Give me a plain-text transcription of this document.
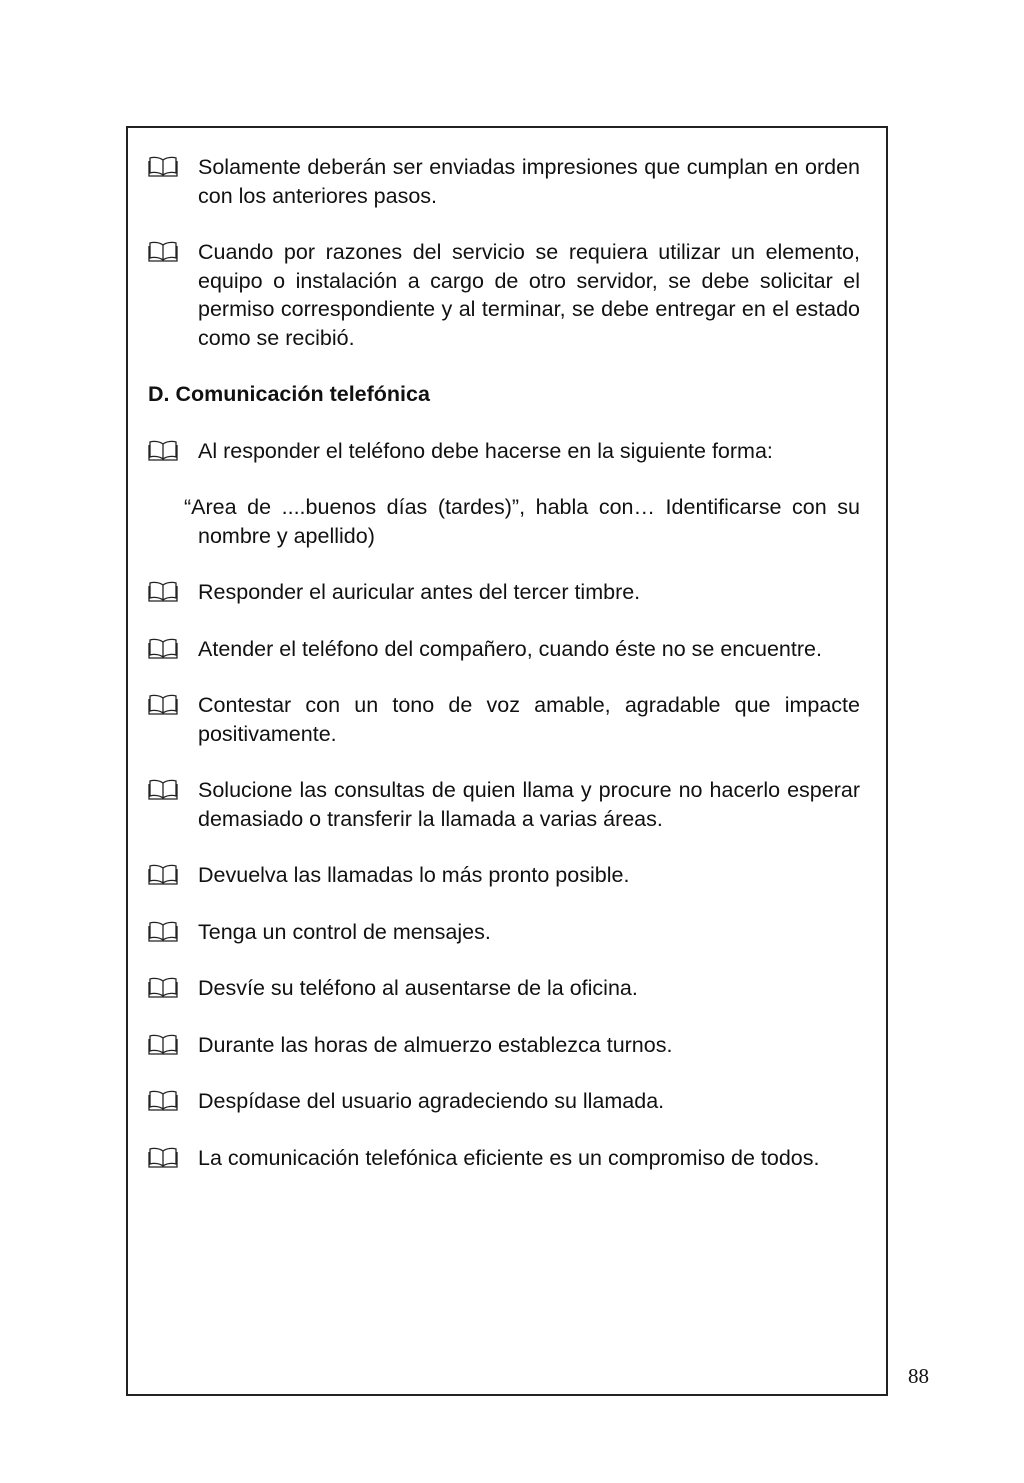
Solamente deberán ser enviadas impresiones que cumplan en orden con los anteriores pasos.
Cuando por razones del servicio se requiera utilizar un elemento, equipo o instalación a cargo de otro servidor, se debe solicitar el permiso correspondiente y al terminar, se debe entregar en el estado como se recibió.
D. Comunicación telefónica
Al responder el teléfono debe hacerse en la siguiente forma:
“Area de ....buenos días (tardes)”, habla con… Identificarse con su nombre y apellido)
Responder el auricular antes del tercer timbre.
Atender el teléfono del compañero, cuando éste no se encuentre.
Contestar con un tono de voz amable, agradable que impacte positivamente.
Solucione las consultas de quien llama y procure no hacerlo esperar demasiado o transferir la llamada a varias áreas.
Devuelva las llamadas lo más pronto posible.
Tenga un control de mensajes.
Desvíe su teléfono al ausentarse de la oficina.
Durante las horas de almuerzo establezca turnos.
Despídase del usuario agradeciendo su llamada.
La comunicación telefónica eficiente es un compromiso de todos.
88
